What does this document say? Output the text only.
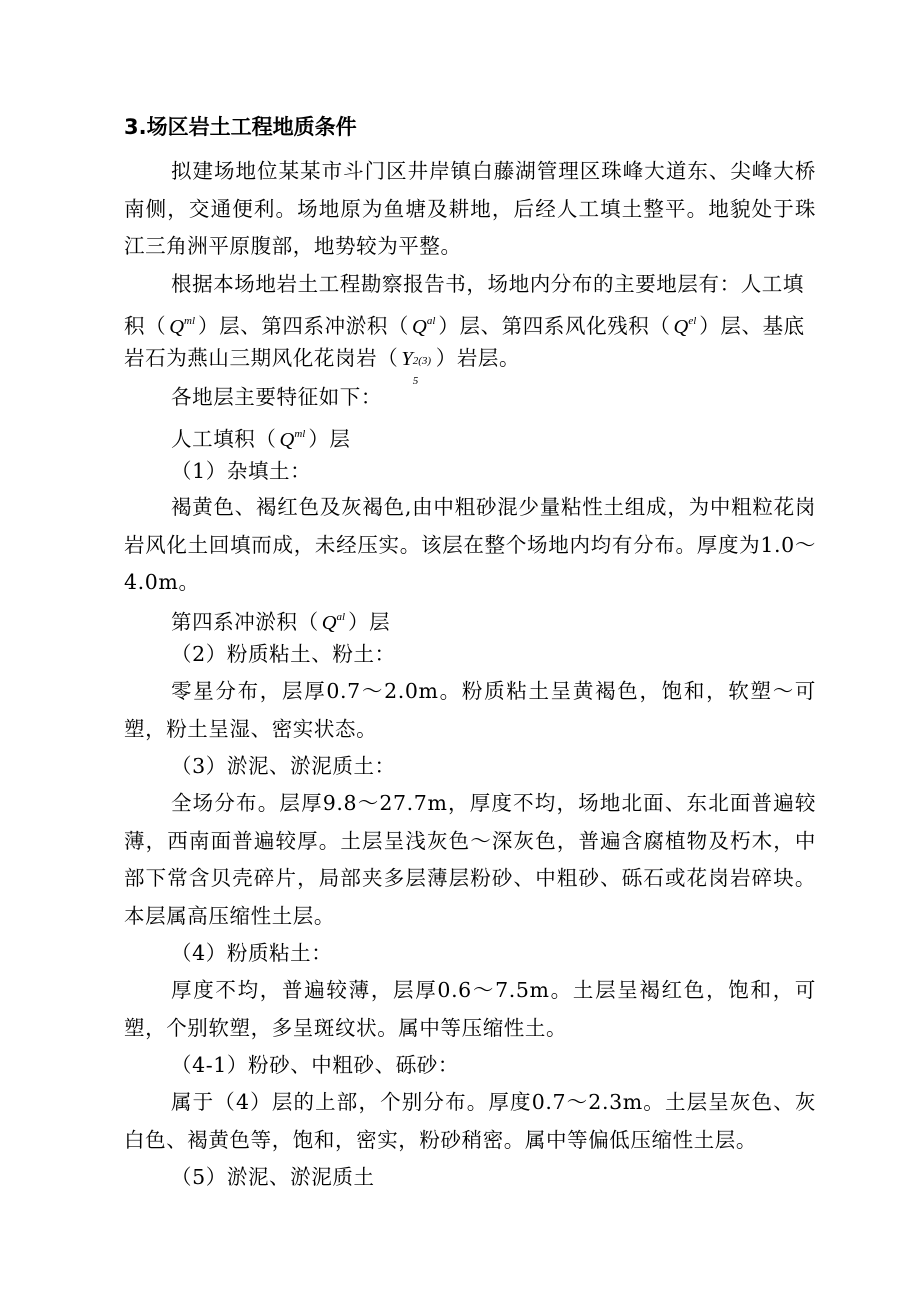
3.场区岩土工程地质条件
拟建场地位某某市斗门区井岸镇白藤湖管理区珠峰大道东、尖峰大桥南侧，交通便利。场地原为鱼塘及耕地，后经人工填土整平。地貌处于珠江三角洲平原腹部，地势较为平整。
根据本场地岩土工程勘察报告书，场地内分布的主要地层有：人工填
积（ $Q^{ml}$ ）层、第四系冲淤积（ $Q^{al}$ ）层、第四系风化残积（ $Q^{el}$ ）层、基底
岩石为燕山三期风化花岗岩（ Y
5
2(3) ）岩层。
各地层主要特征如下：
人工填积（ $Q^{ml}$ ）层
（1）杂填土：
褐黄色、褐红色及灰褐色,由中粗砂混少量粘性土组成，为中粗粒花岗岩风化土回填而成，未经压实。该层在整个场地内均有分布。厚度为1.0～4.0m。
第四系冲淤积（ $Q^{al}$ ）层
（2）粉质粘土、粉土：
零星分布，层厚0.7～2.0m。粉质粘土呈黄褐色，饱和，软塑～可塑，粉土呈湿、密实状态。
（3）淤泥、淤泥质土：
全场分布。层厚9.8～27.7m，厚度不均，场地北面、东北面普遍较薄，西南面普遍较厚。土层呈浅灰色～深灰色，普遍含腐植物及朽木，中部下常含贝壳碎片，局部夹多层薄层粉砂、中粗砂、砾石或花岗岩碎块。本层属高压缩性土层。
（4）粉质粘土：
厚度不均，普遍较薄，层厚0.6～7.5m。土层呈褐红色，饱和，可塑，个别软塑，多呈斑纹状。属中等压缩性土。
（4-1）粉砂、中粗砂、砾砂：
属于（4）层的上部，个别分布。厚度0.7～2.3m。土层呈灰色、灰白色、褐黄色等，饱和，密实，粉砂稍密。属中等偏低压缩性土层。
（5）淤泥、淤泥质土
